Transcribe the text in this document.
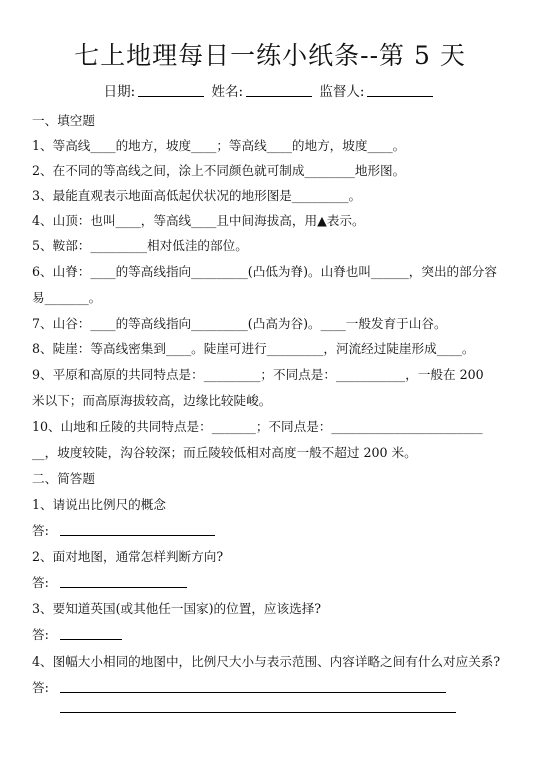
七上地理每日一练小纸条--第 5 天
日期:	姓名:	监督人:
一、填空题
1、等高线____的地方，坡度____；等高线____的地方，坡度____。
2、在不同的等高线之间，涂上不同颜色就可制成________地形图。
3、最能直观表示地面高低起伏状况的地形图是_________。
4、山顶：也叫____，等高线____且中间海拔高，用▲表示。
5、鞍部：_________相对低洼的部位。
6、山脊：____的等高线指向_________(凸低为脊)。山脊也叫______，突出的部分容
易_______。
7、山谷：____的等高线指向_________(凸高为谷)。____一般发育于山谷。
8、陡崖：等高线密集到____。陡崖可进行_________，河流经过陡崖形成____。
9、平原和高原的共同特点是：_________；不同点是：___________，一般在 200
米以下；而高原海拔较高，边缘比较陡峻。
10、山地和丘陵的共同特点是：_______；不同点是：________________________
__，坡度较陡，沟谷较深；而丘陵较低相对高度一般不超过 200 米。
二、简答题
1、请说出比例尺的概念
答:
2、面对地图，通常怎样判断方向?
答:
3、要知道英国(或其他任一国家)的位置，应该选择?
答:
4、图幅大小相同的地图中，比例尺大小与表示范围、内容详略之间有什么对应关系?
答:
